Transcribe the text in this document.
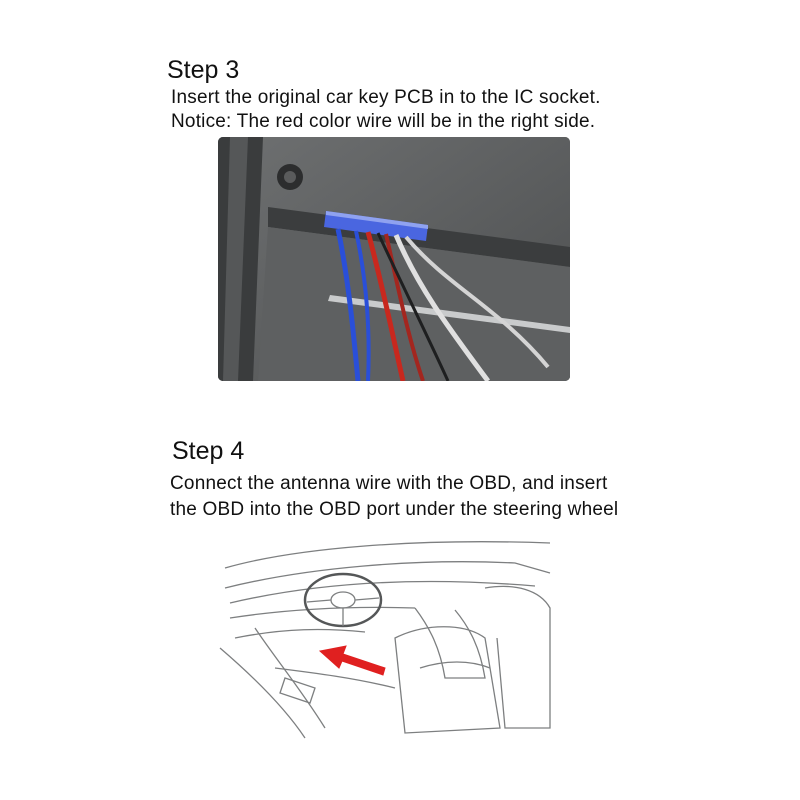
Step 3
Insert the original car key PCB in to the IC socket.
Notice: The red color wire will be in the right side.
Step 4
Connect the antenna wire with the OBD, and insert
the OBD into the OBD port under the steering wheel
